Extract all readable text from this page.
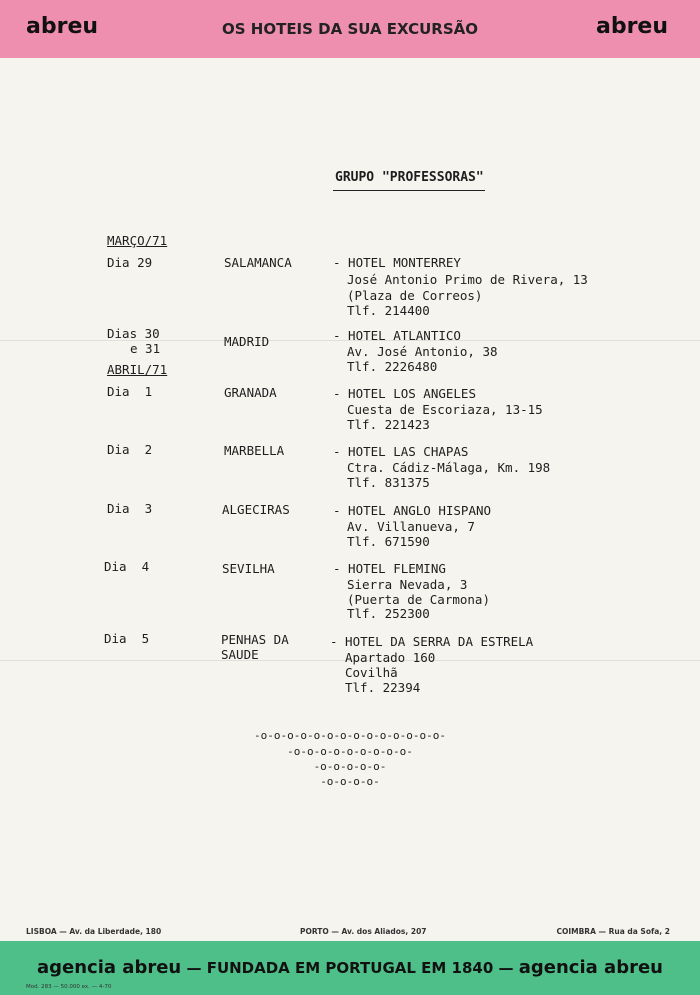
abreu	OS HOTEIS DA SUA EXCURSÃO	abreu
GRUPO "PROFESSORAS"
MARÇO/71
ABRIL/71
Dia 29	SALAMANCA	- HOTEL MONTERREY
José Antonio Primo de Rivera, 13
(Plaza de Correos)
Tlf. 214400
Dias 30
e 31	MADRID	- HOTEL ATLANTICO
Av. José Antonio, 38
Tlf. 2226480
Dia  1	GRANADA	- HOTEL LOS ANGELES
Cuesta de Escoriaza, 13-15
Tlf. 221423
Dia  2	MARBELLA	- HOTEL LAS CHAPAS
Ctra. Cádiz-Málaga, Km. 198
Tlf. 831375
Dia  3	ALGECIRAS	- HOTEL ANGLO HISPANO
Av. Villanueva, 7
Tlf. 671590
Dia  4	SEVILHA	- HOTEL FLEMING
Sierra Nevada, 3
(Puerta de Carmona)
Tlf. 252300
Dia  5	PENHAS DA
SAUDE
- HOTEL DA SERRA DA ESTRELA
Apartado 160
Covilhã
Tlf. 22394
-o-o-o-o-o-o-o-o-o-o-o-o-o-o-
-o-o-o-o-o-o-o-o-o-
-o-o-o-o-o-
-o-o-o-o-
LISBOA — Av. da Liberdade, 180	PORTO — Av. dos Aliados, 207	COIMBRA — Rua da Sofa, 2
agencia abreu — FUNDADA EM PORTUGAL EM 1840 — agencia abreu
Mod. 283 — 50.000 ex. — 4-70
